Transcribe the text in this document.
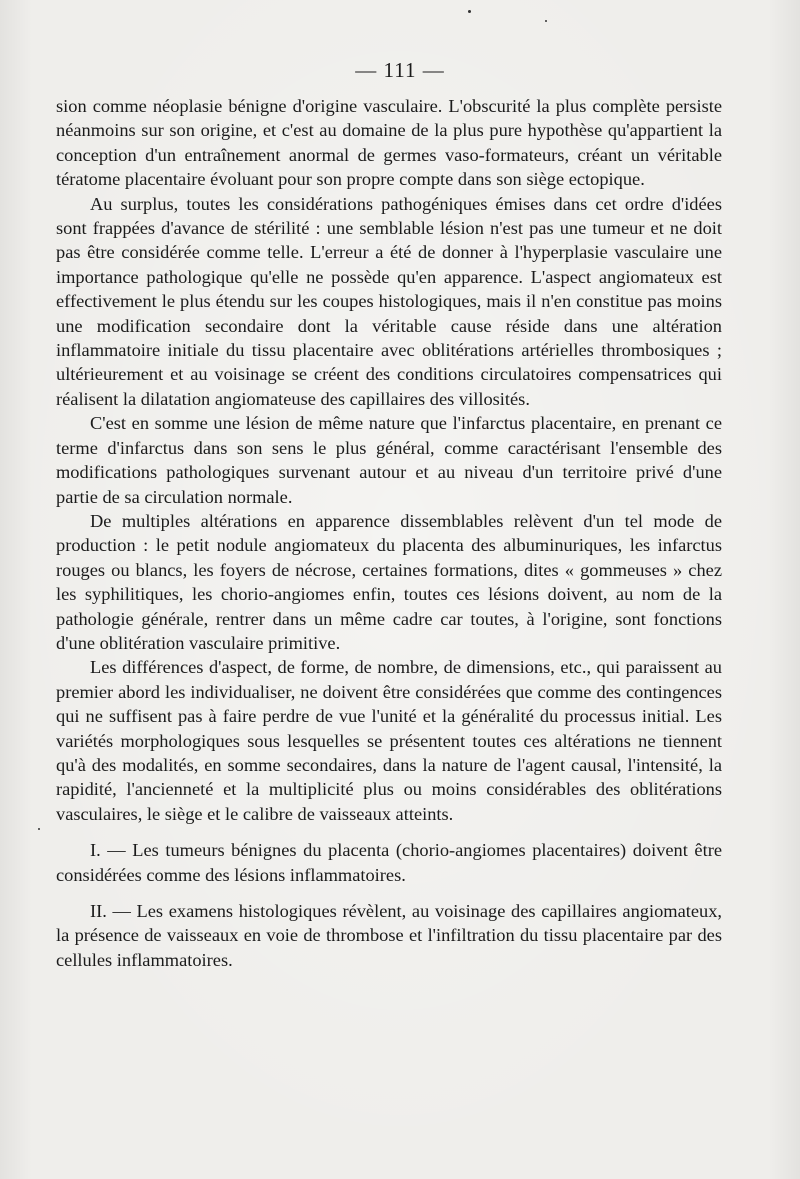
— 111 —

sion comme néoplasie bénigne d'origine vasculaire. L'obscurité la plus complète persiste néanmoins sur son origine, et c'est au domaine de la plus pure hypothèse qu'appartient la conception d'un entraînement anormal de germes vaso-formateurs, créant un véritable tératome placentaire évoluant pour son propre compte dans son siège ectopique.

Au surplus, toutes les considérations pathogéniques émises dans cet ordre d'idées sont frappées d'avance de stérilité : une semblable lésion n'est pas une tumeur et ne doit pas être considérée comme telle. L'erreur a été de donner à l'hyperplasie vasculaire une importance pathologique qu'elle ne possède qu'en apparence. L'aspect angiomateux est effectivement le plus étendu sur les coupes histologiques, mais il n'en constitue pas moins une modification secondaire dont la véritable cause réside dans une altération inflammatoire initiale du tissu placentaire avec oblitérations artérielles thrombosiques ; ultérieurement et au voisinage se créent des conditions circulatoires compensatrices qui réalisent la dilatation angiomateuse des capillaires des villosités.

C'est en somme une lésion de même nature que l'infarctus placentaire, en prenant ce terme d'infarctus dans son sens le plus général, comme caractérisant l'ensemble des modifications pathologiques survenant autour et au niveau d'un territoire privé d'une partie de sa circulation normale.

De multiples altérations en apparence dissemblables relèvent d'un tel mode de production : le petit nodule angiomateux du placenta des albuminuriques, les infarctus rouges ou blancs, les foyers de nécrose, certaines formations, dites « gommeuses » chez les syphilitiques, les chorio-angiomes enfin, toutes ces lésions doivent, au nom de la pathologie générale, rentrer dans un même cadre car toutes, à l'origine, sont fonctions d'une oblitération vasculaire primitive.

Les différences d'aspect, de forme, de nombre, de dimensions, etc., qui paraissent au premier abord les individualiser, ne doivent être considérées que comme des contingences qui ne suffisent pas à faire perdre de vue l'unité et la généralité du processus initial. Les variétés morphologiques sous lesquelles se présentent toutes ces altérations ne tiennent qu'à des modalités, en somme secondaires, dans la nature de l'agent causal, l'intensité, la rapidité, l'ancienneté et la multiplicité plus ou moins considérables des oblitérations vasculaires, le siège et le calibre de vaisseaux atteints.

I. — Les tumeurs bénignes du placenta (chorio-angiomes placentaires) doivent être considérées comme des lésions inflammatoires.

II. — Les examens histologiques révèlent, au voisinage des capillaires angiomateux, la présence de vaisseaux en voie de thrombose et l'infiltration du tissu placentaire par des cellules inflammatoires.
